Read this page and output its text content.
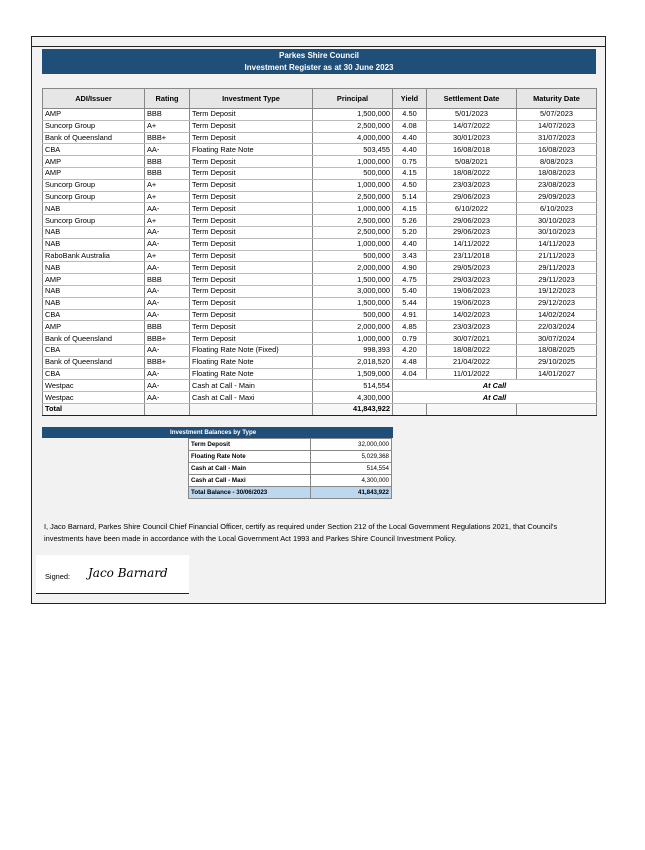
Parkes Shire Council
Investment Register as at 30 June 2023
ADI/Issuer	Rating	Investment Type	Principal	Yield	Settlement Date	Maturity Date
AMP	BBB	Term Deposit	1,500,000	4.50	5/01/2023	5/07/2023
Suncorp Group	A+	Term Deposit	2,500,000	4.08	14/07/2022	14/07/2023
Bank of Queensland	BBB+	Term Deposit	4,000,000	4.40	30/01/2023	31/07/2023
CBA	AA-	Floating Rate Note	503,455	4.40	16/08/2018	16/08/2023
AMP	BBB	Term Deposit	1,000,000	0.75	5/08/2021	8/08/2023
AMP	BBB	Term Deposit	500,000	4.15	18/08/2022	18/08/2023
Suncorp Group	A+	Term Deposit	1,000,000	4.50	23/03/2023	23/08/2023
Suncorp Group	A+	Term Deposit	2,500,000	5.14	29/06/2023	29/09/2023
NAB	AA-	Term Deposit	1,000,000	4.15	6/10/2022	6/10/2023
Suncorp Group	A+	Term Deposit	2,500,000	5.26	29/06/2023	30/10/2023
NAB	AA-	Term Deposit	2,500,000	5.20	29/06/2023	30/10/2023
NAB	AA-	Term Deposit	1,000,000	4.40	14/11/2022	14/11/2023
RaboBank Australia	A+	Term Deposit	500,000	3.43	23/11/2018	21/11/2023
NAB	AA-	Term Deposit	2,000,000	4.90	29/05/2023	29/11/2023
AMP	BBB	Term Deposit	1,500,000	4.75	29/03/2023	29/11/2023
NAB	AA-	Term Deposit	3,000,000	5.40	19/06/2023	19/12/2023
NAB	AA-	Term Deposit	1,500,000	5.44	19/06/2023	29/12/2023
CBA	AA-	Term Deposit	500,000	4.91	14/02/2023	14/02/2024
AMP	BBB	Term Deposit	2,000,000	4.85	23/03/2023	22/03/2024
Bank of Queensland	BBB+	Term Deposit	1,000,000	0.79	30/07/2021	30/07/2024
CBA	AA-	Floating Rate Note (Fixed)	998,393	4.20	18/08/2022	18/08/2025
Bank of Queensland	BBB+	Floating Rate Note	2,018,520	4.48	21/04/2022	29/10/2025
CBA	AA-	Floating Rate Note	1,509,000	4.04	11/01/2022	14/01/2027
Westpac	AA-	Cash at Call - Main	514,554	At Call		
Westpac	AA-	Cash at Call - Maxi	4,300,000	At Call		
Total			41,843,922			
Investment Balances by Type
Term Deposit	32,000,000
Floating Rate Note	5,029,368
Cash at Call - Main	514,554
Cash at Call - Maxi	4,300,000
Total Balance - 30/06/2023	41,843,922
I, Jaco Barnard, Parkes Shire Council Chief Financial Officer, certify as required under Section 212 of the Local Government Regulations 2021, that Council's investments have been made in accordance with the Local Government Act 1993 and Parkes Shire Council Investment Policy.
Signed: Jaco Barnard
